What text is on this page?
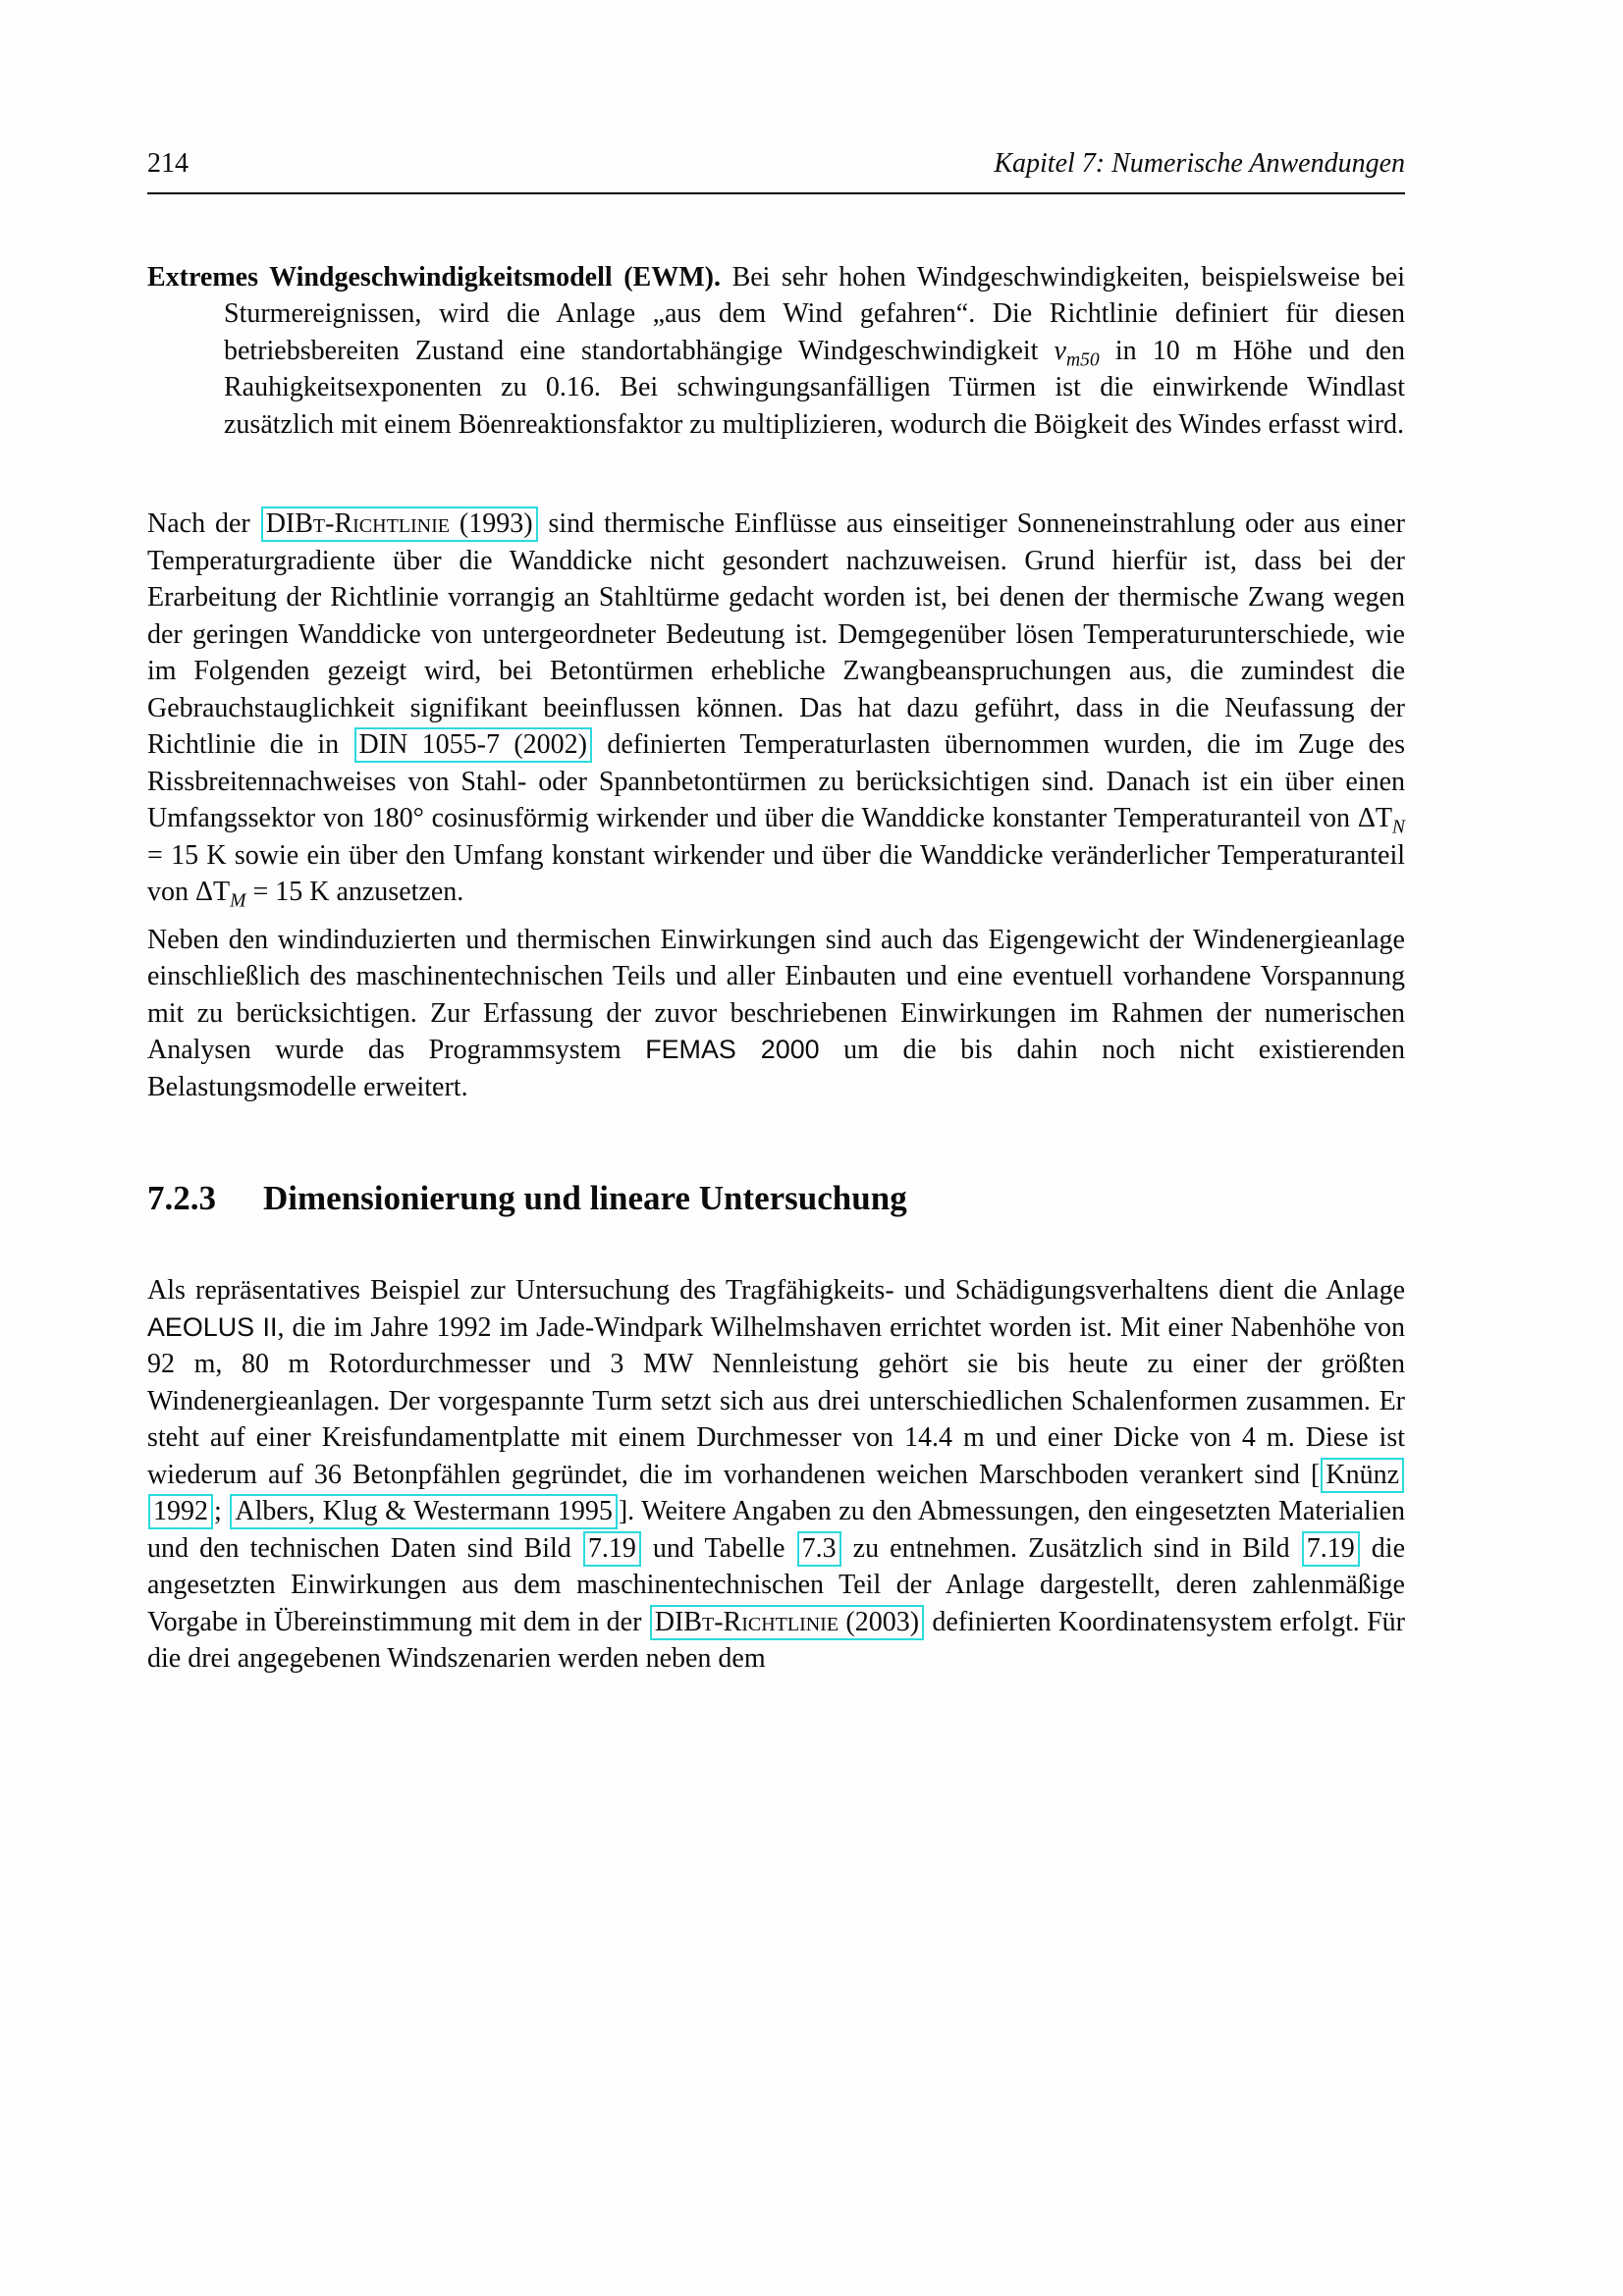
214	Kapitel 7: Numerische Anwendungen

Extremes Windgeschwindigkeitsmodell (EWM). Bei sehr hohen Windgeschwindigkeiten, beispielsweise bei Sturmereignissen, wird die Anlage „aus dem Wind gefahren“. Die Richtlinie definiert für diesen betriebsbereiten Zustand eine standortabhängige Windgeschwindigkeit $v_{m50}$ in 10 m Höhe und den Rauhigkeitsexponenten zu 0.16. Bei schwingungsanfälligen Türmen ist die einwirkende Windlast zusätzlich mit einem Böenreaktionsfaktor zu multiplizieren, wodurch die Böigkeit des Windes erfasst wird.

Nach der DIBt-Richtlinie (1993) sind thermische Einflüsse aus einseitiger Sonneneinstrahlung oder aus einer Temperaturgradiente über die Wanddicke nicht gesondert nachzuweisen. Grund hierfür ist, dass bei der Erarbeitung der Richtlinie vorrangig an Stahltürme gedacht worden ist, bei denen der thermische Zwang wegen der geringen Wanddicke von untergeordneter Bedeutung ist. Demgegenüber lösen Temperaturunterschiede, wie im Folgenden gezeigt wird, bei Betontürmen erhebliche Zwangbeanspruchungen aus, die zumindest die Gebrauchstauglichkeit signifikant beeinflussen können. Das hat dazu geführt, dass in die Neufassung der Richtlinie die in DIN 1055-7 (2002) definierten Temperaturlasten übernommen wurden, die im Zuge des Rissbreitennachweises von Stahl- oder Spannbetontürmen zu berücksichtigen sind. Danach ist ein über einen Umfangssektor von 180° cosinusförmig wirkender und über die Wanddicke konstanter Temperaturanteil von $\Delta T_N = 15$ K sowie ein über den Umfang konstant wirkender und über die Wanddicke veränderlicher Temperaturanteil von $\Delta T_M = 15$ K anzusetzen.

Neben den windinduzierten und thermischen Einwirkungen sind auch das Eigengewicht der Windenergieanlage einschließlich des maschinentechnischen Teils und aller Einbauten und eine eventuell vorhandene Vorspannung mit zu berücksichtigen. Zur Erfassung der zuvor beschriebenen Einwirkungen im Rahmen der numerischen Analysen wurde das Programmsystem FEMAS 2000 um die bis dahin noch nicht existierenden Belastungsmodelle erweitert.

7.2.3 Dimensionierung und lineare Untersuchung

Als repräsentatives Beispiel zur Untersuchung des Tragfähigkeits- und Schädigungsverhaltens dient die Anlage AEOLUS II, die im Jahre 1992 im Jade-Windpark Wilhelmshaven errichtet worden ist. Mit einer Nabenhöhe von 92 m, 80 m Rotordurchmesser und 3 MW Nennleistung gehört sie bis heute zu einer der größten Windenergieanlagen. Der vorgespannte Turm setzt sich aus drei unterschiedlichen Schalenformen zusammen. Er steht auf einer Kreisfundamentplatte mit einem Durchmesser von 14.4 m und einer Dicke von 4 m. Diese ist wiederum auf 36 Betonpfählen gegründet, die im vorhandenen weichen Marschboden verankert sind [ Knünz 1992 ; Albers, Klug & Westermann 1995 ]. Weitere Angaben zu den Abmessungen, den eingesetzten Materialien und den technischen Daten sind Bild 7.19 und Tabelle 7.3 zu entnehmen. Zusätzlich sind in Bild 7.19 die angesetzten Einwirkungen aus dem maschinentechnischen Teil der Anlage dargestellt, deren zahlenmäßige Vorgabe in Übereinstimmung mit dem in der DIBt-Richtlinie (2003) definierten Koordinatensystem erfolgt. Für die drei angegebenen Windszenarien werden neben dem
